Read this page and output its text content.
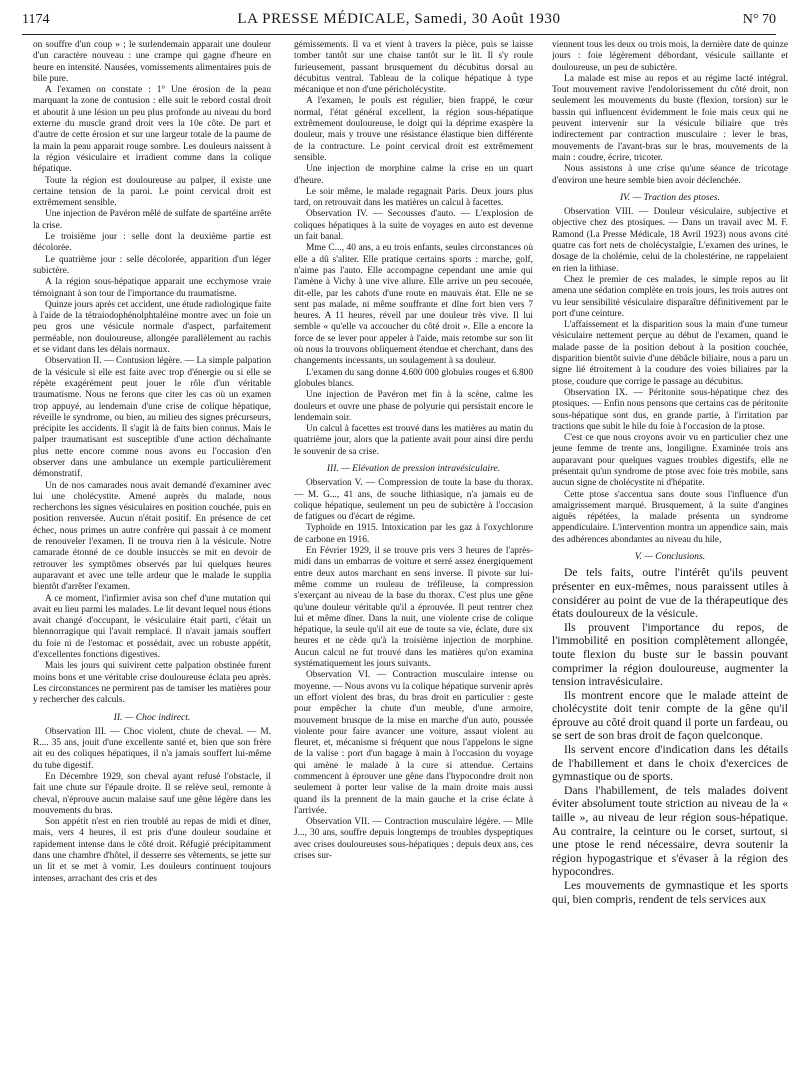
1174	LA PRESSE MÉDICALE, Samedi, 30 Août 1930	N° 70

on souffre d'un coup » ; le surlendemain apparait une douleur d'un caractère nouveau : une crampe qui gagne d'heure en heure en intensité. Nausées, vomissements alimentaires puis de bile pure.

A l'examen on constate : 1° Une érosion de la peau marquant la zone de contusion : elle suit le rebord costal droit et aboutit à une lésion un peu plus profonde au niveau du bord externe du muscle grand droit vers la 10e côte. De part et d'autre de cette érosion et sur une largeur totale de la paume de la main la peau apparait rouge sombre. Les douleurs naissent à la région vésiculaire et irradient comme dans la colique hépatique.

Toute la région est douloureuse au palper, il existe une certaine tension de la paroi. Le point cervical droit est extrêmement sensible.

Une injection de Pavéron mêlé de sulfate de spartéine arrête la crise.

Le troisième jour : selle dont la deuxième partie est décolorée.

Le quatrième jour : selle décolorée, apparition d'un léger subictère.

A la région sous-hépatique apparait une ecchymose vraie témoignant à son tour de l'importance du traumatisme.

Quinze jours après cet accident, une étude radiologique faite à l'aide de la tétraiodophénolphtaléine montre avec un foie un peu gros une vésicule normale d'aspect, parfaitement perméable, non douloureuse, allongée parallèlement au rachis et se vidant dans les délais normaux.

Observation II. — Contusion légère. — La simple palpation de la vésicule si elle est faite avec trop d'énergie ou si elle se répète exagérément peut jouer le rôle d'un véritable traumatisme. Nous ne ferons que citer les cas où un examen trop appuyé, au lendemain d'une crise de colique hépatique, réveille le syndrome, ou bien, au milieu des signes précurseurs, précipite les accidents. Il s'agit là de faits bien connus. Mais le palper traumatisant est susceptible d'une action déchaînante plus nette encore comme nous avons eu l'occasion d'en observer dans une ambulance un exemple particulièrement démonstratif.

Un de nos camarades nous avait demandé d'examiner avec lui une cholécystite. Amené auprès du malade, nous recherchons les signes vésiculaires en position couchée, puis en position renversée. Aucun n'était positif. En présence de cet échec, nous primes un autre confrère qui passait à ce moment de renouveler l'examen. Il ne trouva rien à la vésicule. Notre camarade étonné de ce double insuccès se mit en devoir de retrouver les symptômes observés par lui quelques heures auparavant et avec une telle ardeur que le malade le supplia bientôt d'arrêter l'examen.

A ce moment, l'infirmier avisa son chef d'une mutation qui avait eu lieu parmi les malades. Le lit devant lequel nous étions avait changé d'occupant, le vésiculaire était parti, c'était un blennorragique qui l'avait remplacé. Il n'avait jamais souffert du foie ni de l'estomac et possédait, avec un robuste appétit, d'excellentes fonctions digestives.

Mais les jours qui suivirent cette palpation obstinée furent moins bons et une véritable crise douloureuse éclata peu après. Les circonstances ne permirent pas de tamiser les matières pour y rechercher des calculs.

II. — Choc indirect.

Observation III. — Choc violent, chute de cheval. — M. R.... 35 ans, jouit d'une excellente santé et, bien que son frère ait eu des coliques hépatiques, il n'a jamais souffert lui-même du tube digestif.

En Décembre 1929, son cheval ayant refusé l'obstacle, il fait une chute sur l'épaule droite. Il se relève seul, remonte à cheval, n'éprouve aucun malaise sauf une gêne légère dans les mouvements du bras.

Son appétit n'est en rien troublé au repas de midi et dîner, mais, vers 4 heures, il est pris d'une douleur soudaine et rapidement intense dans le côté droit. Réfugié précipitamment dans une chambre d'hôtel, il desserre ses vêtements, se jette sur un lit et se met à vomir. Les douleurs continuent toujours intenses, arrachant des cris et des

gémissements. Il va et vient à travers la pièce, puis se laisse tomber tantôt sur une chaise tantôt sur le lit. Il s'y roule furieusement, passant brusquement du décubitus dorsal au décubitus ventral. Tableau de la colique hépatique à type mécanique et non d'une péricholécystite.

A l'examen, le pouls est régulier, bien frappé, le cœur normal, l'état général excellent, la région sous-hépatique extrêmement douloureuse, le doigt qui la déprime exaspère la douleur, mais y trouve une résistance élastique bien différente de la contracture. Le point cervical droit est extrêmement sensible.

Une injection de morphine calme la crise en un quart d'heure.

Le soir même, le malade regagnait Paris. Deux jours plus tard, on retrouvait dans les matières un calcul à facettes.

Observation IV. — Secousses d'auto. — L'explosion de coliques hépatiques à la suite de voyages en auto est devenue un fait banal.

Mme C..., 40 ans, a eu trois enfants, seules circonstances où elle a dû s'aliter. Elle pratique certains sports : marche, golf, n'aime pas l'auto. Elle accompagne cependant une amie qui l'amène à Vichy à une vive allure. Elle arrive un peu secouée, dit-elle, par les cahots d'une route en mauvais état. Elle ne se sent pas malade, ni même souffrante et dîne fort bien vers 7 heures. A 11 heures, réveil par une douleur très vive. Il lui semble « qu'elle va accoucher du côté droit ». Elle a encore la force de se lever pour appeler à l'aide, mais retombe sur son lit où nous la trouvons obliquement étendue et cherchant, dans des changements incessants, un soulagement à sa douleur.

L'examen du sang donne 4.600 000 globules rouges et 6.800 globules blancs.

Une injection de Pavéron met fin à la scène, calme les douleurs et ouvre une phase de polyurie qui persistait encore le lendemain soir.

Un calcul à facettes est trouvé dans les matières au matin du quatrième jour, alors que la patiente avait pour ainsi dire perdu le souvenir de sa crise.

III. — Elévation de pression intravésiculaire.

Observation V. — Compression de toute la base du thorax. — M. G..., 41 ans, de souche lithiasique, n'a jamais eu de colique hépatique, seulement un peu de subictère à l'occasion de fatigues ou d'écart de régime.

Typhoïde en 1915. Intoxication par les gaz à l'oxychlorure de carbone en 1916.

En Février 1929, il se trouve pris vers 3 heures de l'après-midi dans un embarras de voiture et serré assez énergiquement entre deux autos marchant en sens inverse. Il pivote sur lui-même comme un rouleau de tréfileuse, la compression s'exerçant au niveau de la base du thorax. C'est plus une gêne qu'une douleur véritable qu'il a éprouvée. Il peut rentrer chez lui et même dîner. Dans la nuit, une violente crise de colique hépatique, la seule qu'il ait eue de toute sa vie, éclate, dure six heures et ne cède qu'à la troisième injection de morphine. Aucun calcul ne fut trouvé dans les matières qu'on examina systématiquement les jours suivants.

Observation VI. — Contraction musculaire intense ou moyenne. — Nous avons vu la colique hépatique survenir après un effort violent des bras, du bras droit en particulier : geste pour empêcher la chute d'un meuble, d'une armoire, mouvement brusque de la mise en marche d'un auto, poussée violente pour faire avancer une voiture, assaut violent au fleuret, et, mécanisme si fréquent que nous l'appelons le signe de la valise : port d'un bagage à main à l'occasion du voyage qui amène le malade à la cure si attendue. Certains commencent à éprouver une gêne dans l'hypocondre droit non seulement à porter leur valise de la main droite mais aussi quand ils la prennent de la main gauche et la crise éclate à l'arrivée.

Observation VII. — Contraction musculaire légère. — Mlle J..., 30 ans, souffre depuis longtemps de troubles dyspeptiques avec crises douloureuses sous-hépatiques ; depuis deux ans, ces crises sur-

viennent tous les deux ou trois mois, la dernière date de quinze jours : foie légèrement débordant, vésicule saillante et douloureuse, un peu de subictère.

La malade est mise au repos et au régime lacté intégral. Tout mouvement ravive l'endolorissement du côté droit, non seulement les mouvements du buste (flexion, torsion) sur le bassin qui influencent évidemment le foie mais ceux qui ne peuvent intervenir sur la vésicule biliaire que très indirectement par contraction musculaire : lever le bras, mouvements de l'avant-bras sur le bras, mouvements de la main : coudre, écrire, tricoter.

Nous assistons à une crise qu'une séance de tricotage d'environ une heure semble bien avoir déclenchée.

IV. — Traction des ptoses.

Observation VIII. — Douleur vésiculaire, subjective et objective chez des ptosiques. — Dans un travail avec M. F. Ramond (La Presse Médicale, 18 Avril 1923) nous avons cité quatre cas fort nets de cholécystalgie, L'examen des urines, le dosage de la cholémie, celui de la cholestérine, ne rappelaient en rien la lithiase.

Chez le premier de ces malades, le simple repos au lit amena une sédation complète en trois jours, les trois autres ont vu leur sensibilité vésiculaire disparaître définitivement par le port d'une ceinture.

L'affaissement et la disparition sous la main d'une tumeur vésiculaire nettement perçue au début de l'examen, quand le malade passe de la position debout à la position couchée, disparition bientôt suivie d'une débâcle biliaire, nous a paru un signe lié étroitement à la coudure des voies biliaires par la ptose, coudure que corrige le passage au décubitus.

Observation IX. — Péritonite sous-hépatique chez des ptosiques. — Enfin nous pensons que certains cas de péritonite sous-hépatique sont dus, en grande partie, à l'irritation par tractions que subit le hile du foie à l'occasion de la ptose.

C'est ce que nous croyons avoir vu en particulier chez une jeune femme de trente ans, longiligne. Examinée trois ans auparavant pour quelques vagues troubles digestifs, elle ne présentait qu'un syndrome de ptose avec foie très mobile, sans aucun signe de cholécystite ni d'hépatite.

Cette ptose s'accentua sans doute sous l'influence d'un amaigrissement marqué. Brusquement, à la suite d'angines aiguës répétées, la malade présenta un syndrome appendiculaire. L'intervention montra un appendice sain, mais des adhérences abondantes au niveau du hile,

V. — Conclusions.

De tels faits, outre l'intérêt qu'ils peuvent présenter en eux-mêmes, nous paraissent utiles à considérer au point de vue de la thérapeutique des états douloureux de la vésicule.

Ils prouvent l'importance du repos, de l'immobilité en position complètement allongée, toute flexion du buste sur le bassin pouvant comprimer la région douloureuse, augmenter la tension intravésiculaire.

Ils montrent encore que le malade atteint de cholécystite doit tenir compte de la gêne qu'il éprouve au côté droit quand il porte un fardeau, ou se sert de son bras droit de façon quelconque.

Ils servent encore d'indication dans les détails de l'habillement et dans le choix d'exercices de gymnastique ou de sports.

Dans l'habillement, de tels malades doivent éviter absolument toute striction au niveau de la « taille », au niveau de leur région sous-hépatique. Au contraire, la ceinture ou le corset, surtout, si une ptose le rend nécessaire, devra soutenir la région hypogastrique et s'évaser à la région des hypocondres.

Les mouvements de gymnastique et les sports qui, bien compris, rendent de tels services aux
